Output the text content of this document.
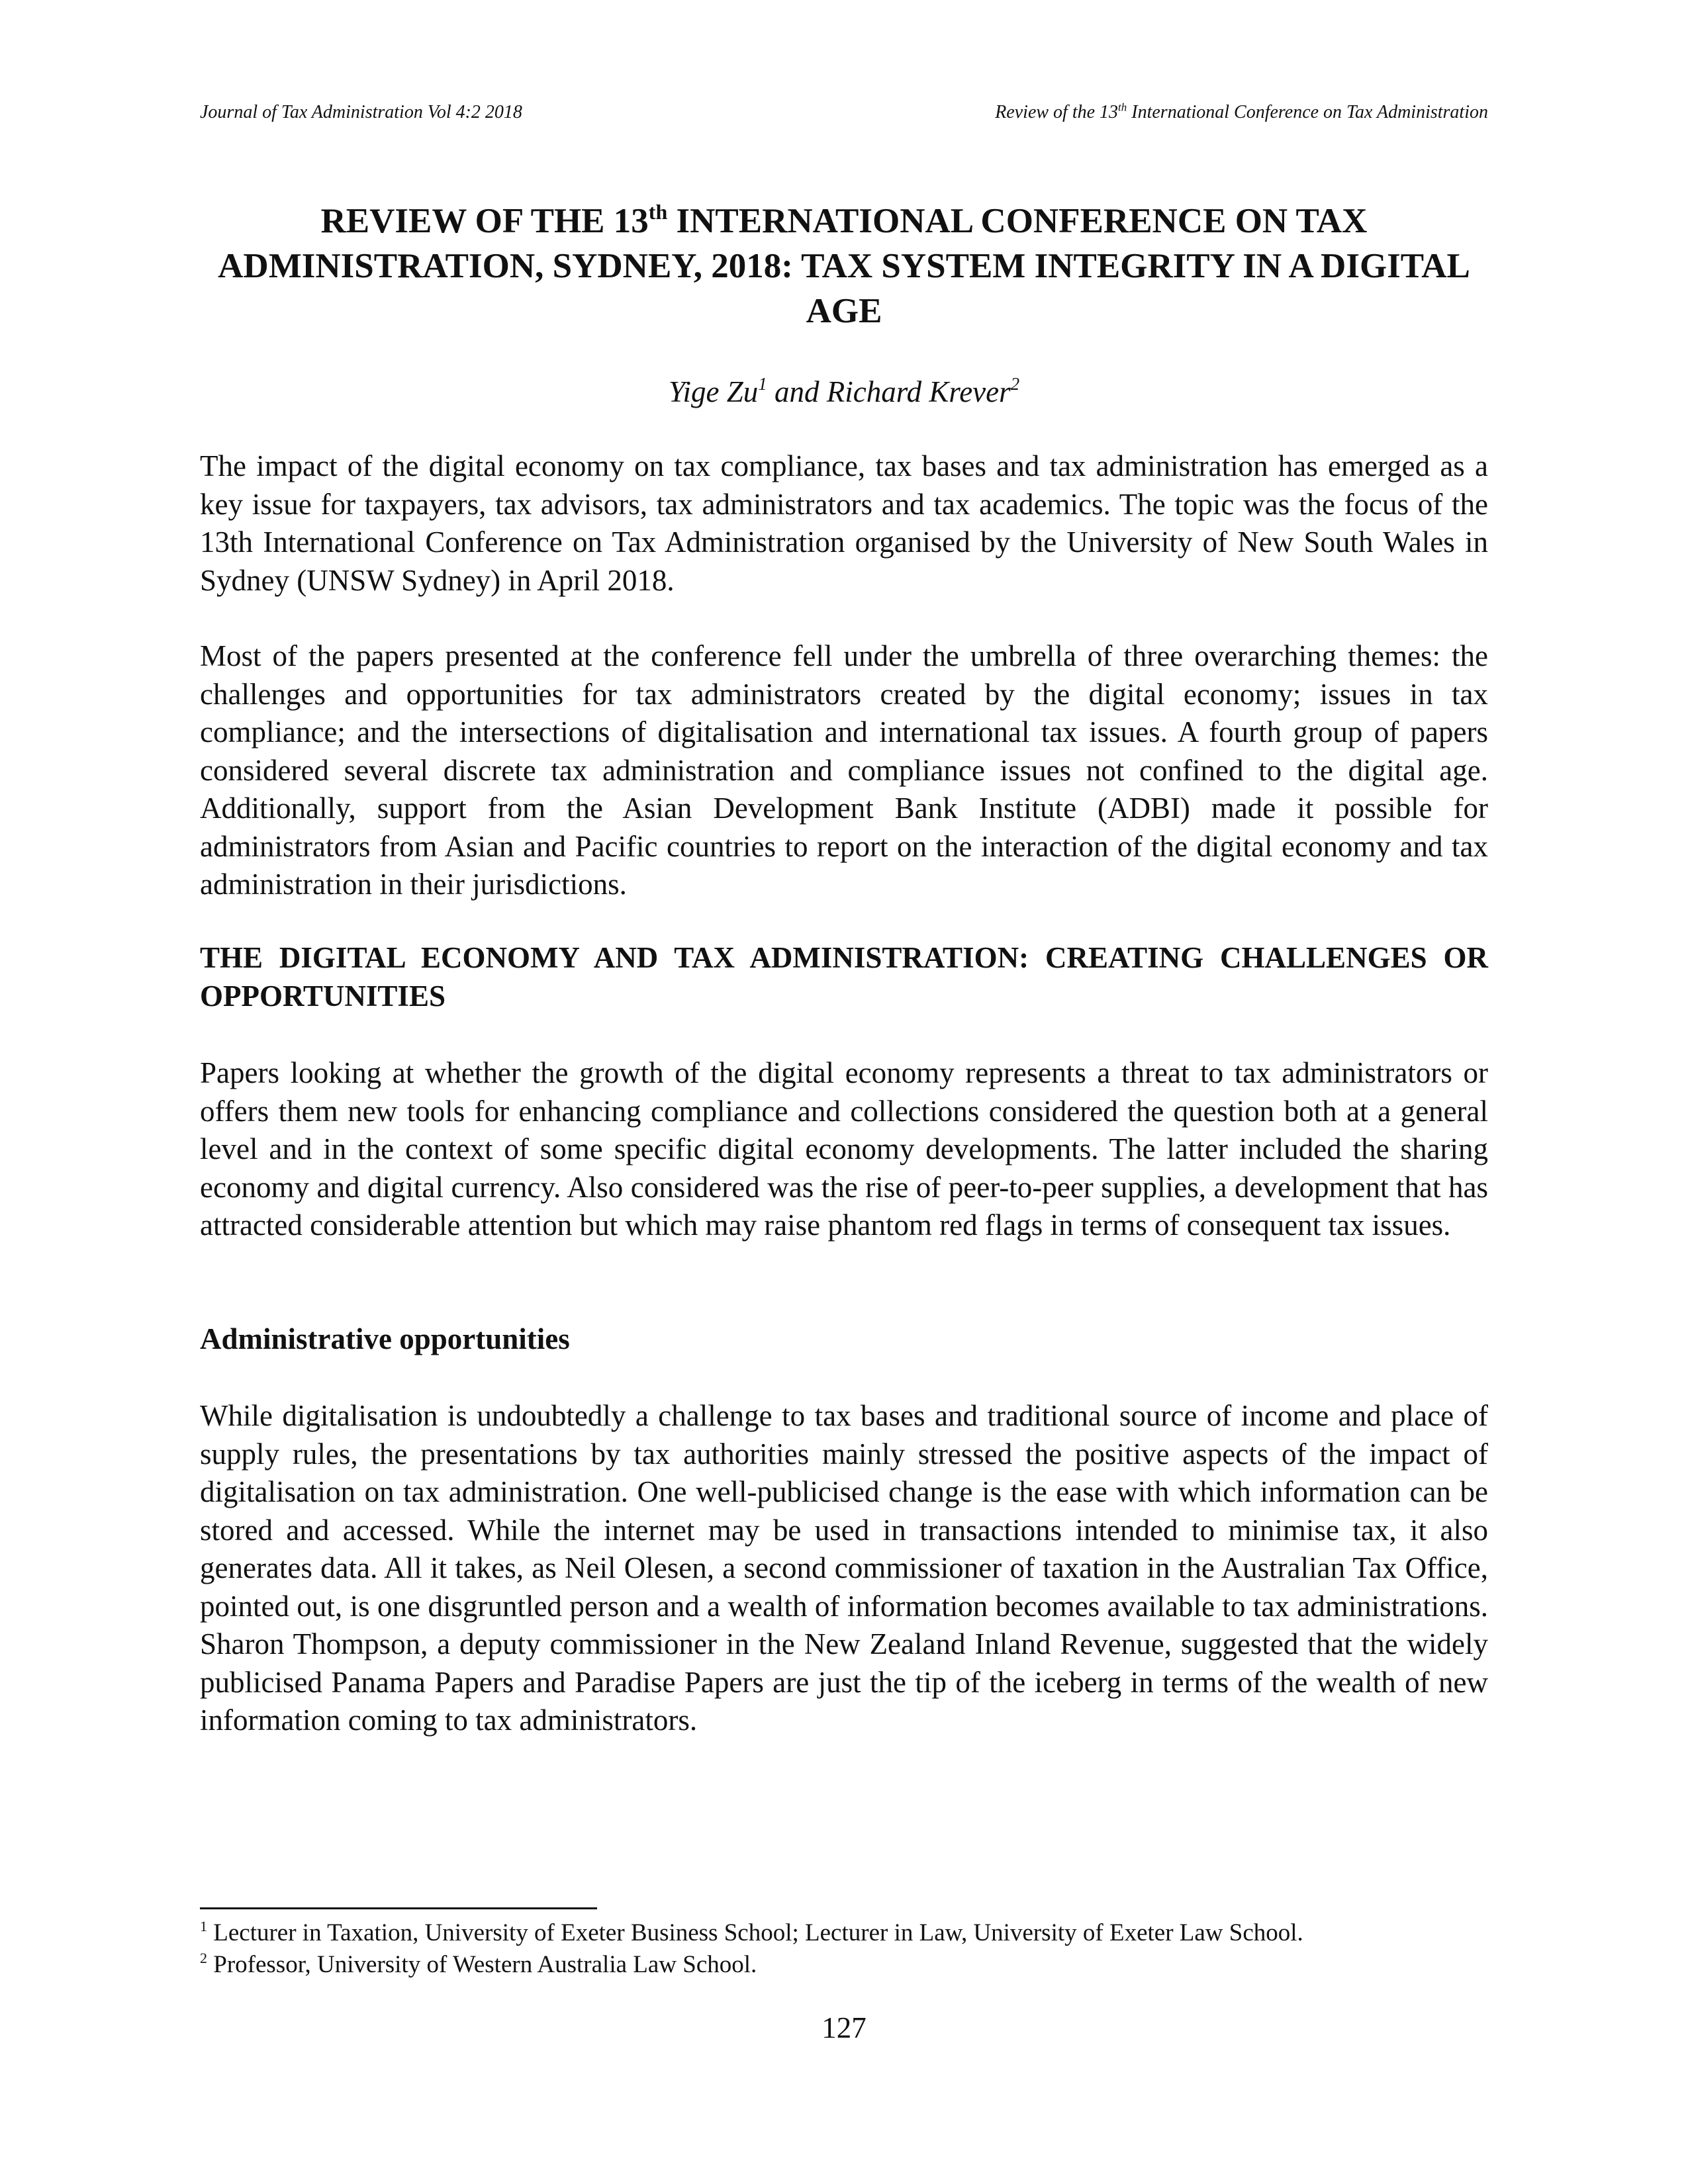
Journal of Tax Administration Vol 4:2 2018	Review of the 13th International Conference on Tax Administration
REVIEW OF THE 13th INTERNATIONAL CONFERENCE ON TAX ADMINISTRATION, SYDNEY, 2018: TAX SYSTEM INTEGRITY IN A DIGITAL AGE
Yige Zu$^1$ and Richard Krever$^2$

The impact of the digital economy on tax compliance, tax bases and tax administration has emerged as a key issue for taxpayers, tax advisors, tax administrators and tax academics. The topic was the focus of the 13th International Conference on Tax Administration organised by the University of New South Wales in Sydney (UNSW Sydney) in April 2018.

Most of the papers presented at the conference fell under the umbrella of three overarching themes: the challenges and opportunities for tax administrators created by the digital economy; issues in tax compliance; and the intersections of digitalisation and international tax issues. A fourth group of papers considered several discrete tax administration and compliance issues not confined to the digital age. Additionally, support from the Asian Development Bank Institute (ADBI) made it possible for administrators from Asian and Pacific countries to report on the interaction of the digital economy and tax administration in their jurisdictions.

THE DIGITAL ECONOMY AND TAX ADMINISTRATION: CREATING CHALLENGES OR OPPORTUNITIES

Papers looking at whether the growth of the digital economy represents a threat to tax administrators or offers them new tools for enhancing compliance and collections considered the question both at a general level and in the context of some specific digital economy developments. The latter included the sharing economy and digital currency. Also considered was the rise of peer-to-peer supplies, a development that has attracted considerable attention but which may raise phantom red flags in terms of consequent tax issues.

Administrative opportunities

While digitalisation is undoubtedly a challenge to tax bases and traditional source of income and place of supply rules, the presentations by tax authorities mainly stressed the positive aspects of the impact of digitalisation on tax administration. One well-publicised change is the ease with which information can be stored and accessed. While the internet may be used in transactions intended to minimise tax, it also generates data. All it takes, as Neil Olesen, a second commissioner of taxation in the Australian Tax Office, pointed out, is one disgruntled person and a wealth of information becomes available to tax administrations. Sharon Thompson, a deputy commissioner in the New Zealand Inland Revenue, suggested that the widely publicised Panama Papers and Paradise Papers are just the tip of the iceberg in terms of the wealth of new information coming to tax administrators.

$^1$ Lecturer in Taxation, University of Exeter Business School; Lecturer in Law, University of Exeter Law School.

$^2$ Professor, University of Western Australia Law School.

127
